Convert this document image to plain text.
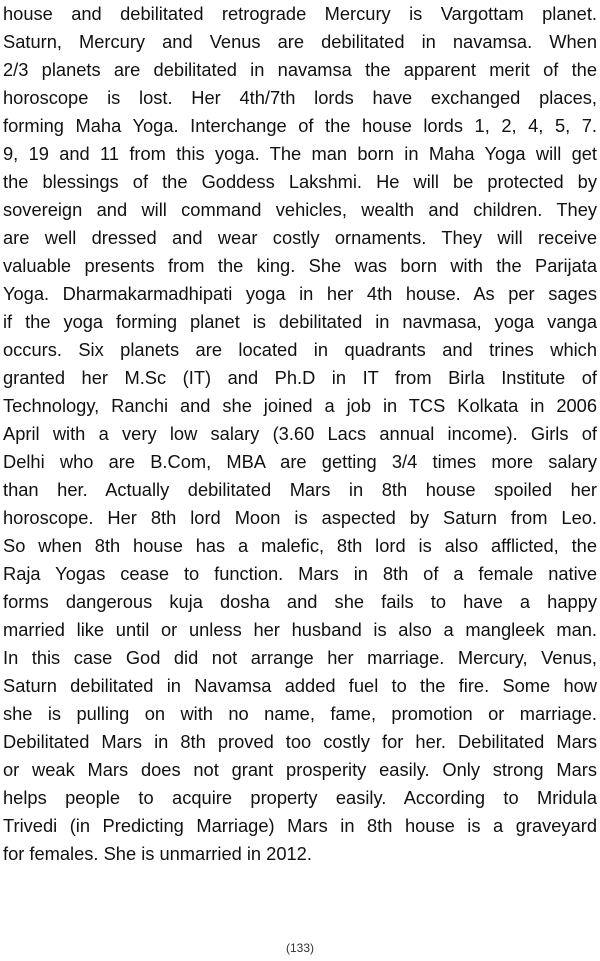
house and debilitated retrograde Mercury is Vargottam planet.
Saturn, Mercury and Venus are debilitated in navamsa. When
2/3 planets are debilitated in navamsa the apparent merit of the
horoscope is lost. Her 4th/7th lords have exchanged places,
forming Maha Yoga. Interchange of the house lords 1, 2, 4, 5, 7.
9, 19 and 11 from this yoga. The man born in Maha Yoga will get
the blessings of the Goddess Lakshmi. He will be protected by
sovereign and will command vehicles, wealth and children. They
are well dressed and wear costly ornaments. They will receive
valuable presents from the king. She was born with the Parijata
Yoga. Dharmakarmadhipati yoga in her 4th house. As per sages
if the yoga forming planet is debilitated in navmasa, yoga vanga
occurs. Six planets are located in quadrants and trines which
granted her M.Sc (IT) and Ph.D in IT from Birla Institute of
Technology, Ranchi and she joined a job in TCS Kolkata in 2006
April with a very low salary (3.60 Lacs annual income). Girls of
Delhi who are B.Com, MBA are getting 3/4 times more salary
than her. Actually debilitated Mars in 8th house spoiled her
horoscope. Her 8th lord Moon is aspected by Saturn from Leo.
So when 8th house has a malefic, 8th lord is also afflicted, the
Raja Yogas cease to function. Mars in 8th of a female native
forms dangerous kuja dosha and she fails to have a happy
married like until or unless her husband is also a mangleek man.
In this case God did not arrange her marriage. Mercury, Venus,
Saturn debilitated in Navamsa added fuel to the fire. Some how
she is pulling on with no name, fame, promotion or marriage.
Debilitated Mars in 8th proved too costly for her. Debilitated Mars
or weak Mars does not grant prosperity easily. Only strong Mars
helps people to acquire property easily. According to Mridula
Trivedi (in Predicting Marriage) Mars in 8th house is a graveyard
for females. She is unmarried in 2012.
(133)
